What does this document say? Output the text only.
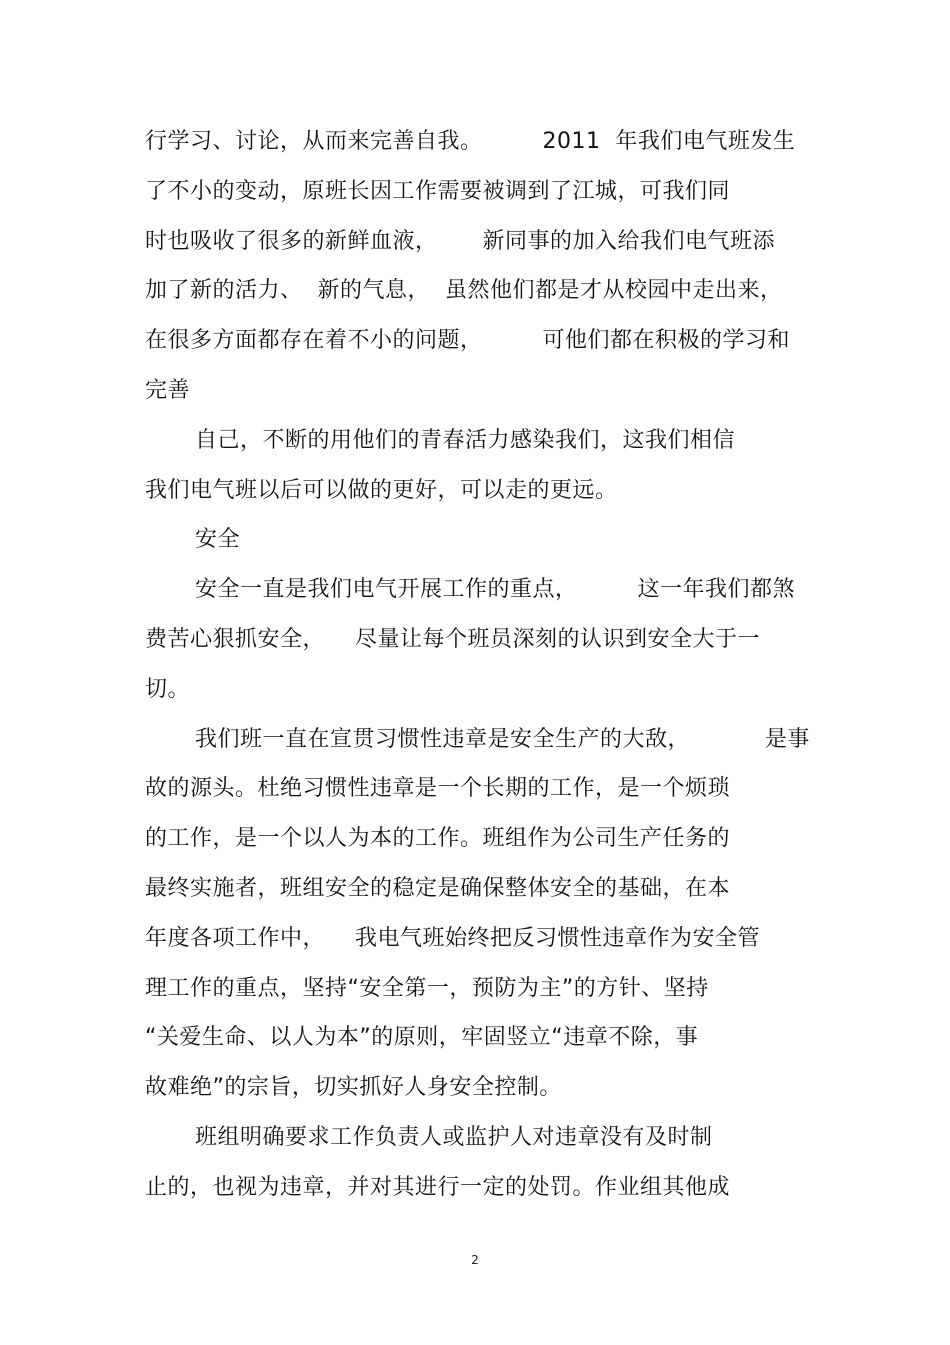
行学习、讨论，从而来完善自我。        2011  年我们电气班发生
了不小的变动，原班长因工作需要被调到了江城，可我们同
时也吸收了很多的新鲜血液，      新同事的加入给我们电气班添
加了新的活力、  新的气息，  虽然他们都是才从校园中走出来，
在很多方面都存在着不小的问题，        可他们都在积极的学习和
完善
自己，不断的用他们的青春活力感染我们，这我们相信
我们电气班以后可以做的更好，可以走的更远。
安全
安全一直是我们电气开展工作的重点，        这一年我们都煞
费苦心狠抓安全，    尽量让每个班员深刻的认识到安全大于一
切。
我们班一直在宣贯习惯性违章是安全生产的大敌，          是事
故的源头。杜绝习惯性违章是一个长期的工作，是一个烦琐
的工作，是一个以人为本的工作。班组作为公司生产任务的
最终实施者，班组安全的稳定是确保整体安全的基础，在本
年度各项工作中，    我电气班始终把反习惯性违章作为安全管
理工作的重点，坚持“安全第一，预防为主”的方针、坚持
“关爱生命、以人为本”的原则，牢固竖立“违章不除，事
故难绝”的宗旨，切实抓好人身安全控制。
班组明确要求工作负责人或监护人对违章没有及时制
止的，也视为违章，并对其进行一定的处罚。作业组其他成
2
